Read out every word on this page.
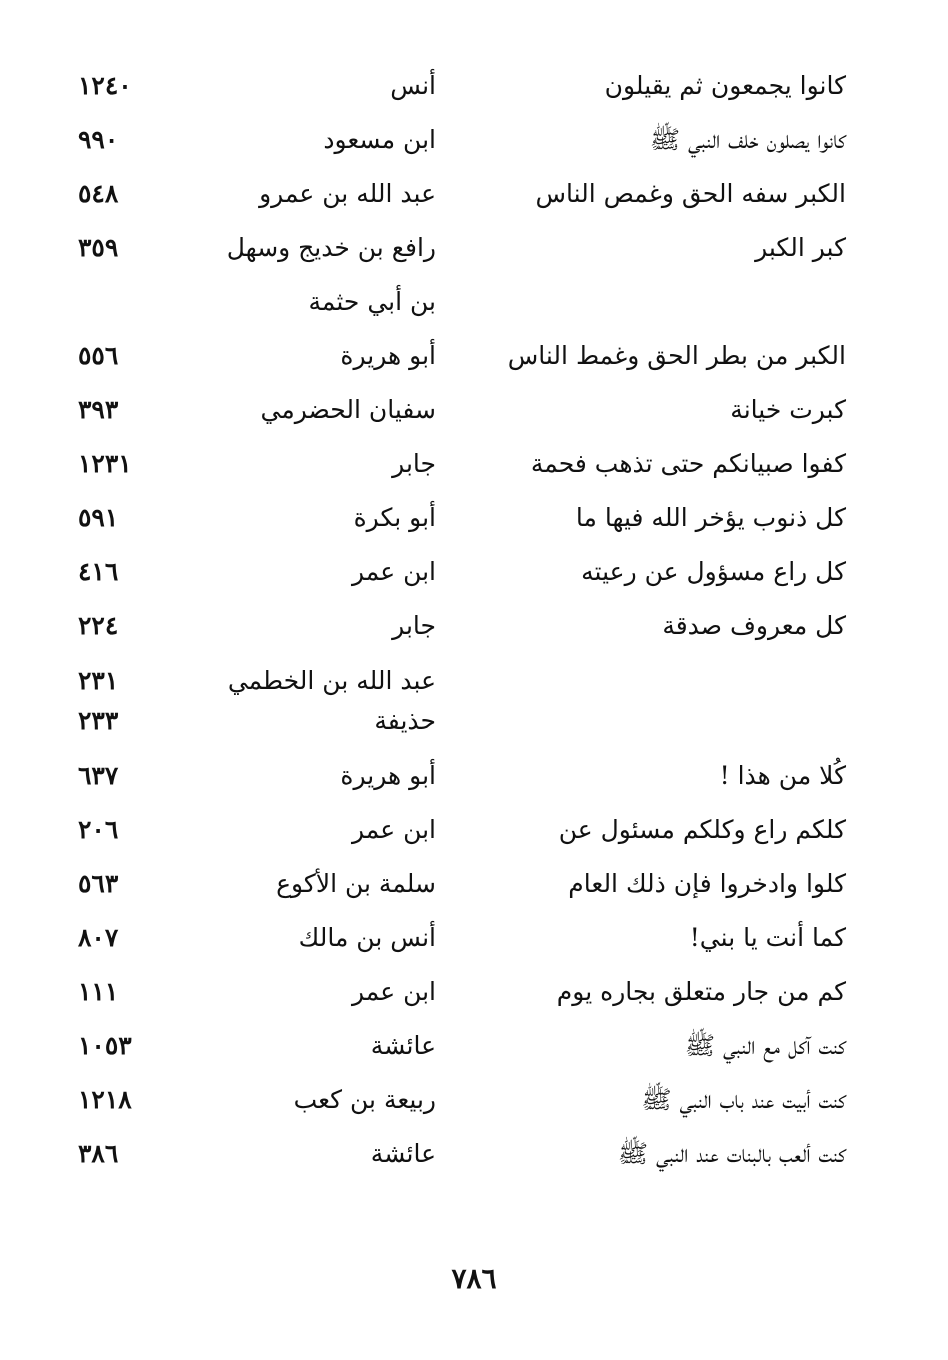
كانوا يجمعون ثم يقيلون
أنس
١٢٤٠
كانوا يصلون خلف النبي ﷺ
ابن مسعود
٩٩٠
الكبر سفه الحق وغمص الناس
عبد الله بن عمرو
٥٤٨
كبر الكبر
رافع بن خديج وسهل
٣٥٩
بن أبي حثمة
الكبر من بطر الحق وغمط الناس
أبو هريرة
٥٥٦
كبرت خيانة
سفيان الحضرمي
٣٩٣
كفوا صبيانكم حتى تذهب فحمة
جابر
١٢٣١
كل ذنوب يؤخر الله فيها ما
أبو بكرة
٥٩١
كل راع مسؤول عن رعيته
ابن عمر
٤١٦
كل معروف صدقة
جابر
٢٢٤
عبد الله بن الخطمي
٢٣١
حذيفة
٢٣٣
كُلا من هذا !
أبو هريرة
٦٣٧
كلكم راع وكلكم مسئول عن
ابن عمر
٢٠٦
كلوا وادخروا فإن ذلك العام
سلمة بن الأكوع
٥٦٣
كما أنت يا بني!
أنس بن مالك
٨٠٧
كم من جار متعلق بجاره يوم
ابن عمر
١١١
كنت آكل مع النبي ﷺ
عائشة
١٠٥٣
كنت أبيت عند باب النبي ﷺ
ربيعة بن كعب
١٢١٨
كنت ألعب بالبنات عند النبي ﷺ
عائشة
٣٨٦
٧٨٦
